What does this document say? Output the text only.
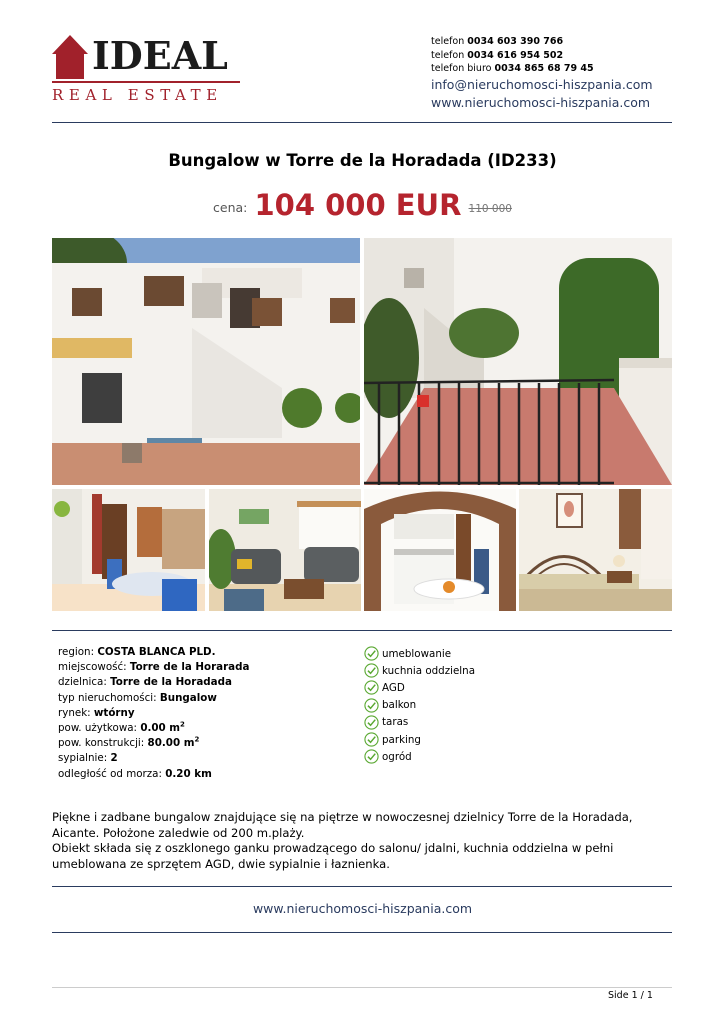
IDEAL
REAL ESTATE
telefon 0034 603 390 766
telefon 0034 616 954 502
telefon biuro 0034 865 68 79 45
info@nieruchomosci-hiszpania.com
www.nieruchomosci-hiszpania.com
Bungalow w Torre de la Horadada (ID233)
cena: 104 000 EUR 110 000
region: COSTA BLANCA PLD.
miejscowość: Torre de la Horarada
dzielnica: Torre de la Horadada
typ nieruchomości: Bungalow
rynek: wtórny
pow. użytkowa: 0.00 $m^2$
pow. konstrukcji: 80.00 $m^2$
sypialnie: 2
odległość od morza: 0.20 km
umeblowanie
kuchnia oddzielna
AGD
balkon
taras
parking
ogród

Piękne i zadbane bungalow znajdujące się na piętrze w nowoczesnej dzielnicy Torre de la Horadada, Aicante. Położone zaledwie od 200 m.plaży.

Obiekt składa się z oszklonego ganku prowadzącego do salonu/ jdalni, kuchnia oddzielna w pełni umeblowana ze sprzętem AGD, dwie sypialnie i łaznienka.

www.nieruchomosci-hiszpania.com
Side 1 / 1
